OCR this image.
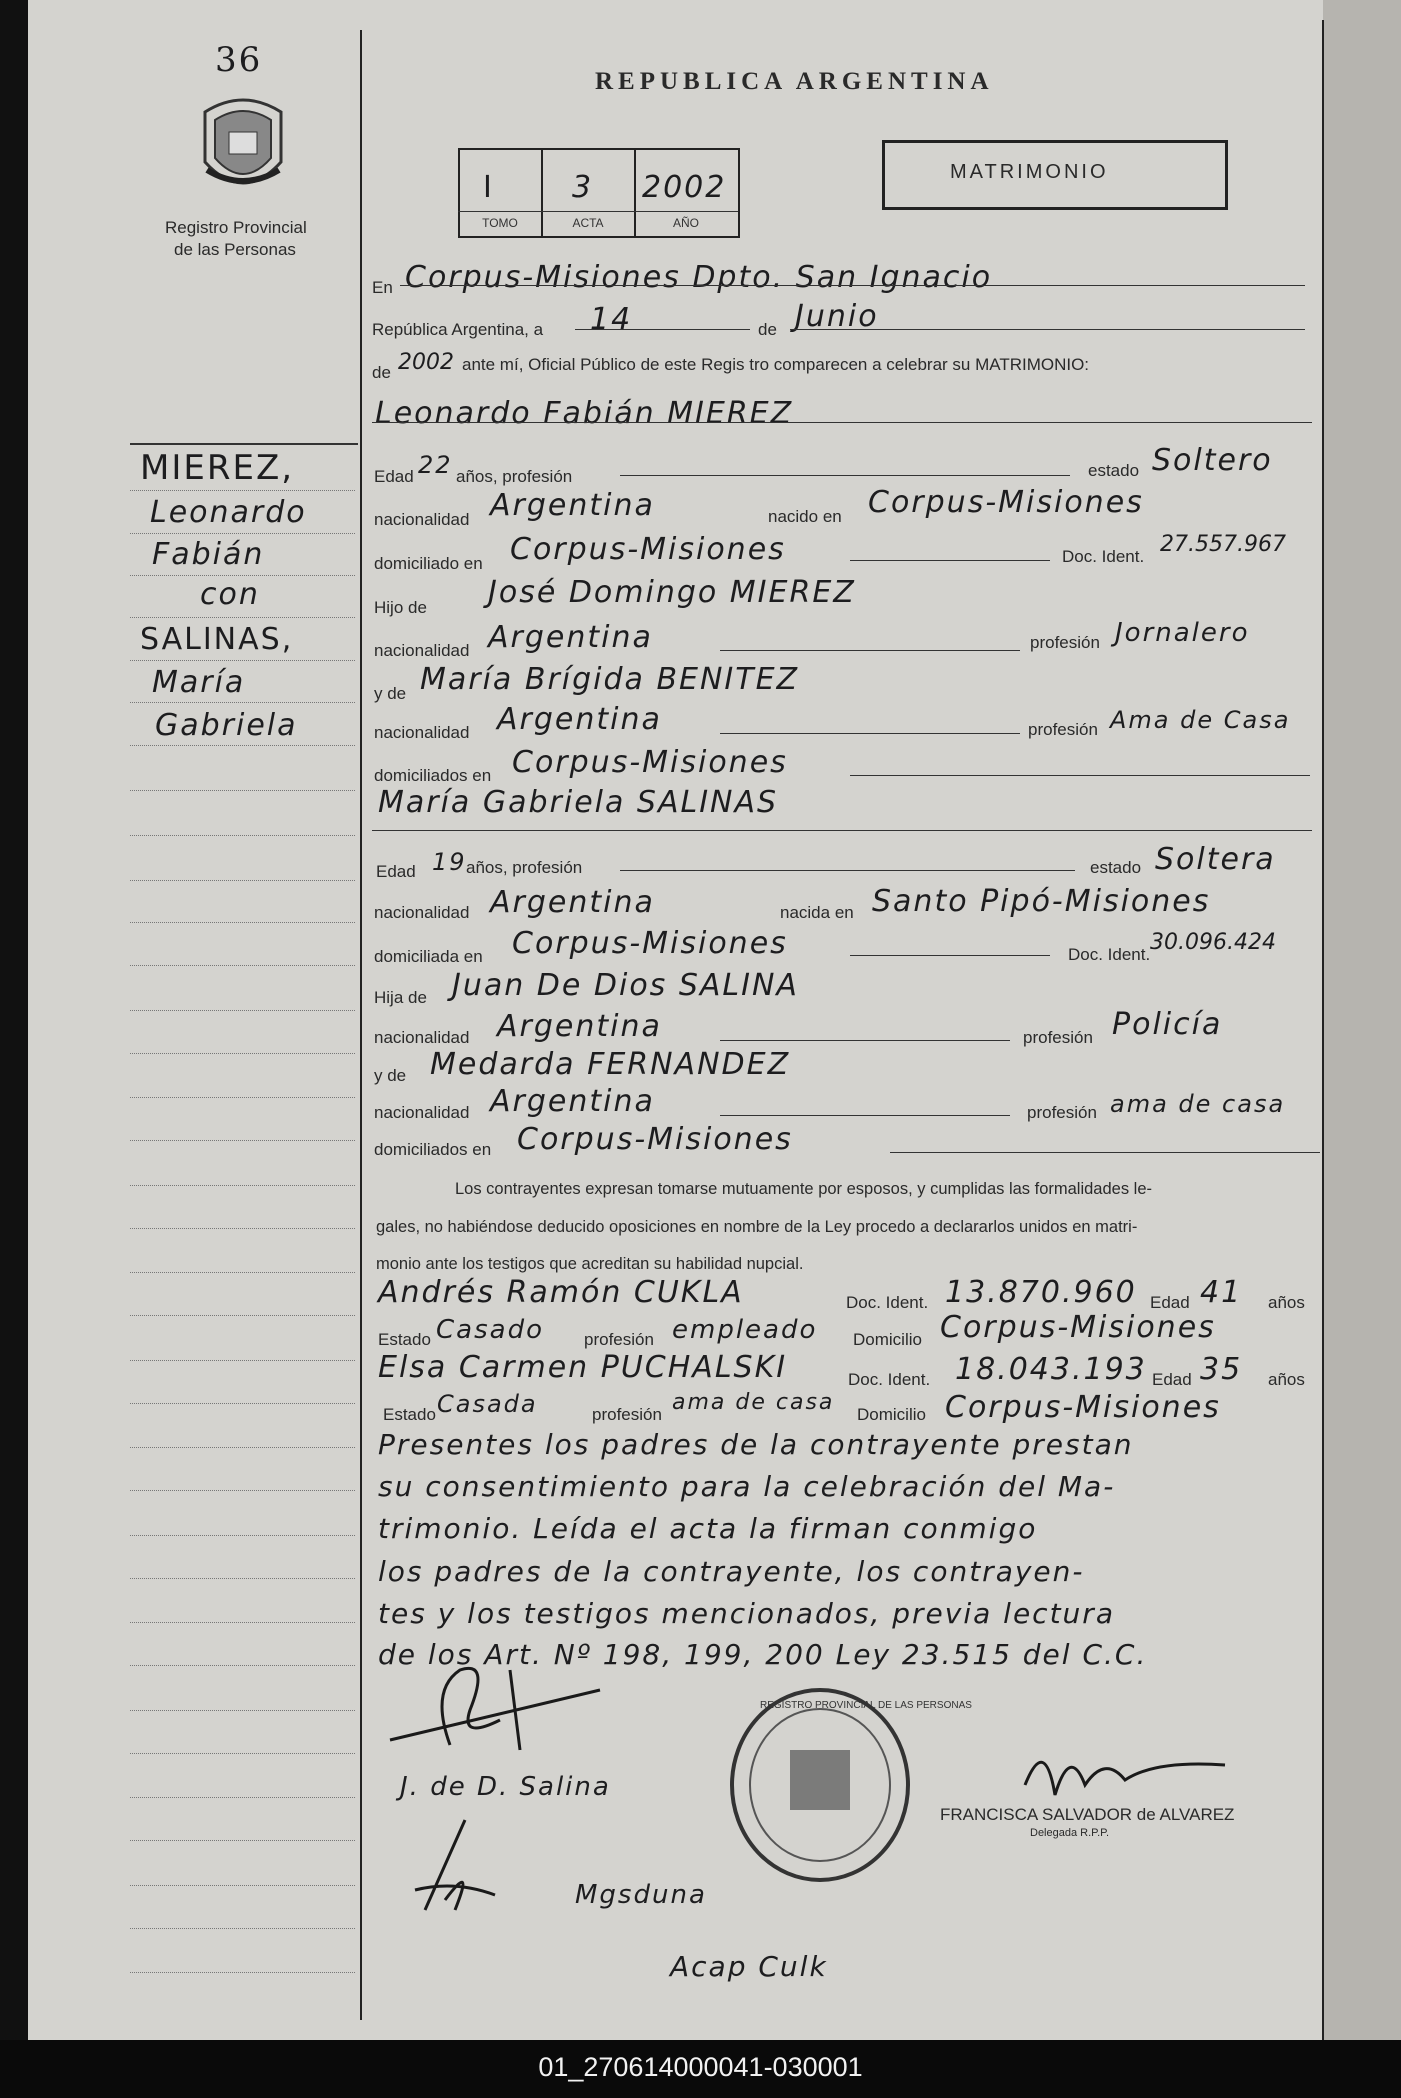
36
Registro Provincial
de las Personas
REPUBLICA ARGENTINA
I	3 2002
TOMO	ACTA	AÑO
MATRIMONIO
En Corpus-Misiones Dpto. San Ignacio
República Argentina, a 14	de Junio
de 2002 ante mí, Oficial Público de este Regis tro comparecen a celebrar su MATRIMONIO:
MIEREZ,
Leonardo
Fabián
con
SALINAS,
María
Gabriela
Leonardo Fabián MIEREZ
Edad 22 años, profesión	estado Soltero
nacionalidad Argentina	nacido en Corpus-Misiones
domiciliado en Corpus-Misiones	Doc. Ident. 27.557.967
Hijo de José Domingo MIEREZ
nacionalidad Argentina	profesión Jornalero
y de María Brígida BENITEZ
nacionalidad Argentina	profesión Ama de Casa
domiciliados en Corpus-Misiones
María Gabriela SALINAS
Edad 19 años, profesión	estado Soltera
nacionalidad Argentina	nacida en Santo Pipó-Misiones
domiciliada en Corpus-Misiones	Doc. Ident. 30.096.424
Hija de Juan De Dios SALINA
nacionalidad Argentina	profesión Policía
y de Medarda FERNANDEZ
nacionalidad Argentina	profesión ama de casa
domiciliados en Corpus-Misiones
Los contrayentes expresan tomarse mutuamente por esposos, y cumplidas las formalidades le-
gales, no habiéndose deducido oposiciones en nombre de la Ley procedo a declararlos unidos en matri-
monio ante los testigos que acreditan su habilidad nupcial.
Andrés Ramón CUKLA	Doc. Ident. 13.870.960 Edad 41 años
Estado Casado profesión empleado Domicilio Corpus-Misiones
Elsa Carmen PUCHALSKI	Doc. Ident. 18.043.193 Edad 35 años
Estado Casada	profesión ama de casa Domicilio Corpus-Misiones
Presentes los padres de la contrayente prestan
su consentimiento para la celebración del Ma-
trimonio. Leída el acta la firman conmigo
los padres de la contrayente, los contrayen-
tes y los testigos mencionados, previa lectura
de los Art. Nº 198, 199, 200 Ley 23.515 del C.C.
J. de D. Salina
REGISTRO PROVINCIAL DE LAS PERSONAS
FRANCISCA SALVADOR de ALVAREZ
Delegada R.P.P.
Mgsduna
Acap Culk
01_270614000041-030001
